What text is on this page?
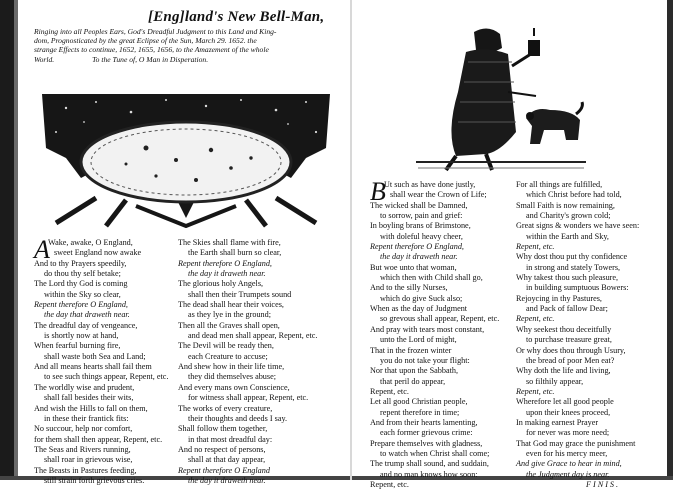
[Eng]land's New Bell-Man,
Ringing into all Peoples Ears, God's Dreadful Judgment to this Land and King-
dom, Prognosticated by the great Eclipse of the Sun, March 29. 1652. the
strange Effects to continue, 1652, 1655, 1656, to the Amazement of the whole
World.                    To the Tune of, O Man in Disperation.
A
Wake, awake, O England,
sweet England now awake
And to thy Prayers speedily,
do thou thy self betake;
The Lord thy God is coming
within the Sky so clear,
Repent therefore O England,
the day that draweth near.
The dreadful day of vengeance,
is shortly now at hand,
When fearful burning fire,
shall waste both Sea and Land;
And all means hearts shall fail them
to see such things appear, Repent, etc.
The worldly wise and prudent,
shall fall besides their wits,
And wish the Hills to fall on them,
in these their frantick fits:
No succour, help nor comfort,
for them shall then appear, Repent, etc.
The Seas and Rivers running,
shall roar in grievous wise,
The Beasts in Pastures feeding,
still strain forth grievous cries.
The Skies shall flame with fire,
the Earth shall burn so clear,
Repent therefore O England,
the day it draweth near.
The glorious holy Angels,
shall then their Trumpets sound
The dead shall hear their voices,
as they lye in the ground;
Then all the Graves shall open,
and dead men shall appear, Repent, etc.
The Devil will be ready then,
each Creature to accuse;
And shew how in their life time,
they did themselves abuse;
And every mans own Conscience,
for witness shall appear, Repent, etc.
The works of every creature,
their thoughts and deeds I say.
Shall follow them together,
in that most dreadful day:
And no respect of persons,
shall at that day appear,
Repent therefore O England
the day it draweth near.
B
Ut such as have done justly,
shall wear the Crown of Life;
The wicked shall be Damned,
to sorrow, pain and grief:
In boyling brans of Brimstone,
with doleful heavy cheer,
Repent therefore O England,
the day it draweth near.
But woe unto that woman,
which then with Child shall go,
And to the silly Nurses,
which do give Suck also;
When as the day of Judgment
so grevous shall appear, Repent, etc.
And pray with tears most constant,
unto the Lord of might,
That in the frozen winter
you do not take your flight:
Nor that upon the Sabbath,
that peril do appear,
Repent, etc.
Let all good Christian people,
repent therefore in time;
And from their hearts lamenting,
each former grievous crime:
Prepare themselves with gladness,
to watch when Christ shall come;
The trump shall sound, and suddain,
and no man knows how soon:
Repent, etc.
For all things are fulfilled,
which Christ before had told,
Small Faith is now remaining,
and Charity's grown cold;
Great signs & wonders we have seen:
within the Earth and Sky,
Repent, etc.
Why dost thou put thy confidence
in strong and stately Towers,
Why takest thou such pleasure,
in building sumptuous Bowers:
Rejoycing in thy Pastures,
and Pack of fallow Dear;
Repent, etc.
Why seekest thou deceitfully
to purchase treasure great,
Or why does thou through Usury,
the bread of poor Men eat?
Why doth the life and living,
so filthily appear,
Repent, etc.
Wherefore let all good people
upon their knees proceed,
In making earnest Prayer
for never was more need;
That God may grace the punishment
even for his mercy meer,
And give Grace to hear in mind,
the Judgment day is near.
FINIS.
